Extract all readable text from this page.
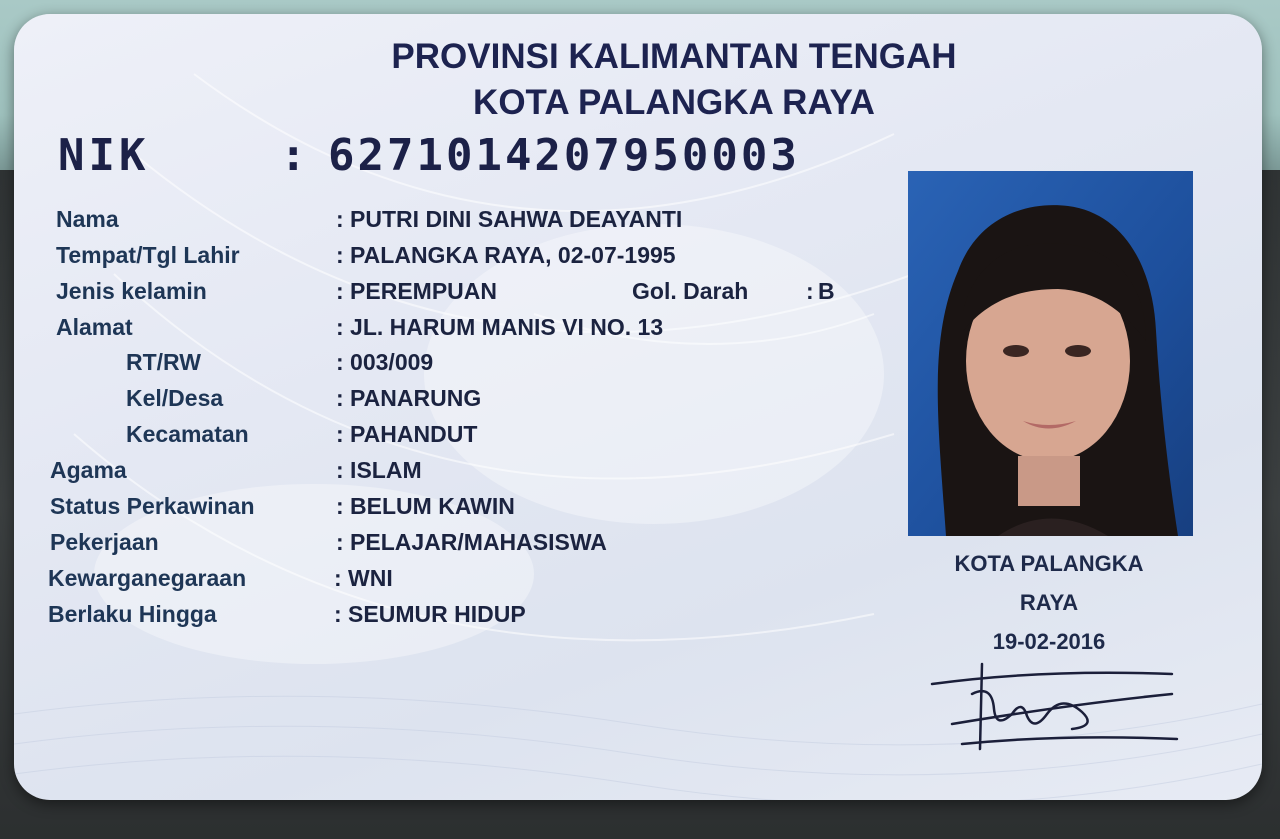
PROVINSI KALIMANTAN TENGAH
KOTA PALANGKA RAYA
NIK	: 6271014207950003
Nama	: PUTRI DINI SAHWA DEAYANTI
Tempat/Tgl Lahir	: PALANGKA RAYA, 02-07-1995
Jenis kelamin	: PEREMPUAN	Gol. Darah	: B
Alamat	: JL. HARUM MANIS VI NO. 13
RT/RW	: 003/009
Kel/Desa	: PANARUNG
Kecamatan	: PAHANDUT
Agama	: ISLAM
Status Perkawinan	: BELUM KAWIN
Pekerjaan	: PELAJAR/MAHASISWA
Kewarganegaraan	: WNI
Berlaku Hingga	: SEUMUR HIDUP
KOTA PALANGKA
RAYA
19-02-2016
